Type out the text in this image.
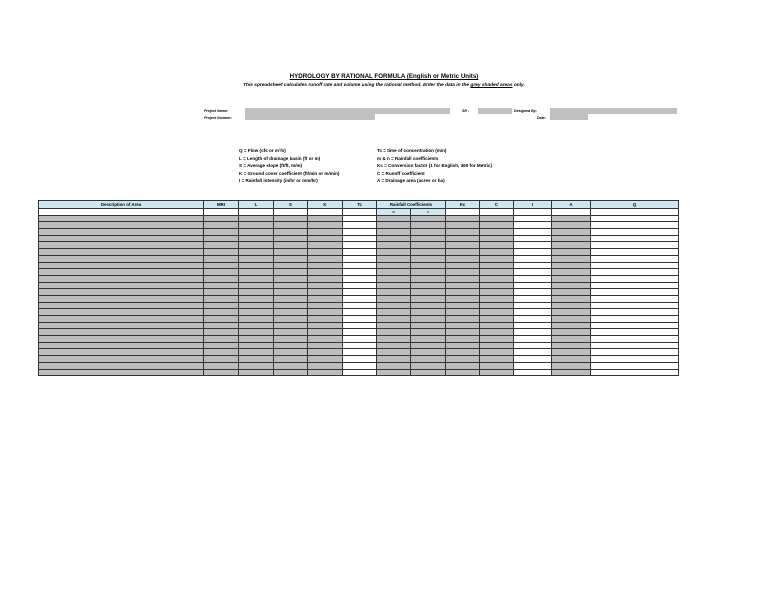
HYDROLOGY BY RATIONAL FORMULA (English or Metric Units)
This spreadsheet calculates runoff rate and volume using the rational method. Enter the data in the grey shaded areas only.
Project Name:
Project Number:
SR :	Designed By:
Date:
Q = Flow (cfs or m³/s)
L = Length of drainage basin (ft or m)
S = Average slope (ft/ft, m/m)
K = Ground cover coefficient (ft/min or m/min)
I = Rainfall intensity (in/hr or mm/hr)
Tc = time of concentration (min)
m & n = Rainfall coefficients
Kc = Conversion factor (1 for English, 360 for Metric)
C = Runoff coefficient
A = Drainage area (acres or ha)
Description of Area	MRI	L	S	K	Tc	Rainfall Coefficients		Kc	C	I	A	Q
						m	n					
